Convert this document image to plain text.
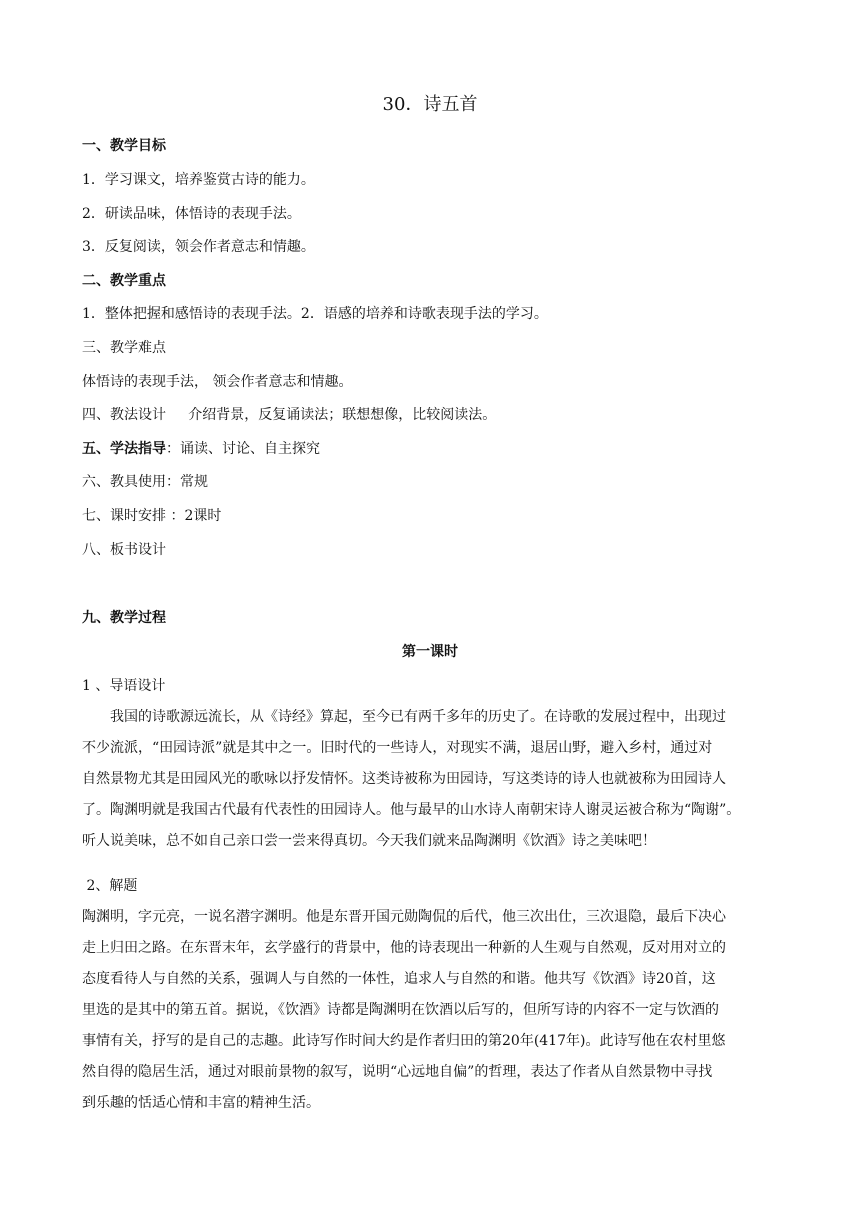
30．诗五首
一、教学目标
1．学习课文，培养鉴赏古诗的能力。
2．研读品味，体悟诗的表现手法。
3．反复阅读，领会作者意志和情趣。
二、教学重点
1．整体把握和感悟诗的表现手法。2．语感的培养和诗歌表现手法的学习。
三、教学难点
体悟诗的表现手法， 领会作者意志和情趣。
四、教法设计     介绍背景，反复诵读法；联想想像，比较阅读法。
五、学法指导：诵读、讨论、自主探究
六、教具使用：常规
七、课时安排 ：2课时
八、板书设计
九、教学过程
第一课时
1 、导语设计
我国的诗歌源远流长，从《诗经》算起，至今已有两千多年的历史了。在诗歌的发展过程中，出现过
不少流派，“田园诗派”就是其中之一。旧时代的一些诗人，对现实不满，退居山野，避入乡村，通过对
自然景物尤其是田园风光的歌咏以抒发情怀。这类诗被称为田园诗，写这类诗的诗人也就被称为田园诗人
了。陶渊明就是我国古代最有代表性的田园诗人。他与最早的山水诗人南朝宋诗人谢灵运被合称为“陶谢”。
听人说美味，总不如自己亲口尝一尝来得真切。今天我们就来品陶渊明《饮酒》诗之美味吧！
2、解题
陶渊明，字元亮，一说名潜字渊明。他是东晋开国元勋陶侃的后代，他三次出仕，三次退隐，最后下决心
走上归田之路。在东晋末年，玄学盛行的背景中，他的诗表现出一种新的人生观与自然观，反对用对立的
态度看待人与自然的关系，强调人与自然的一体性，追求人与自然的和谐。他共写《饮酒》诗20首，这
里选的是其中的第五首。据说，《饮酒》诗都是陶渊明在饮酒以后写的，但所写诗的内容不一定与饮酒的
事情有关，抒写的是自己的志趣。此诗写作时间大约是作者归田的第20年(417年)。此诗写他在农村里悠
然自得的隐居生活，通过对眼前景物的叙写，说明“心远地自偏”的哲理，表达了作者从自然景物中寻找
到乐趣的恬适心情和丰富的精神生活。
